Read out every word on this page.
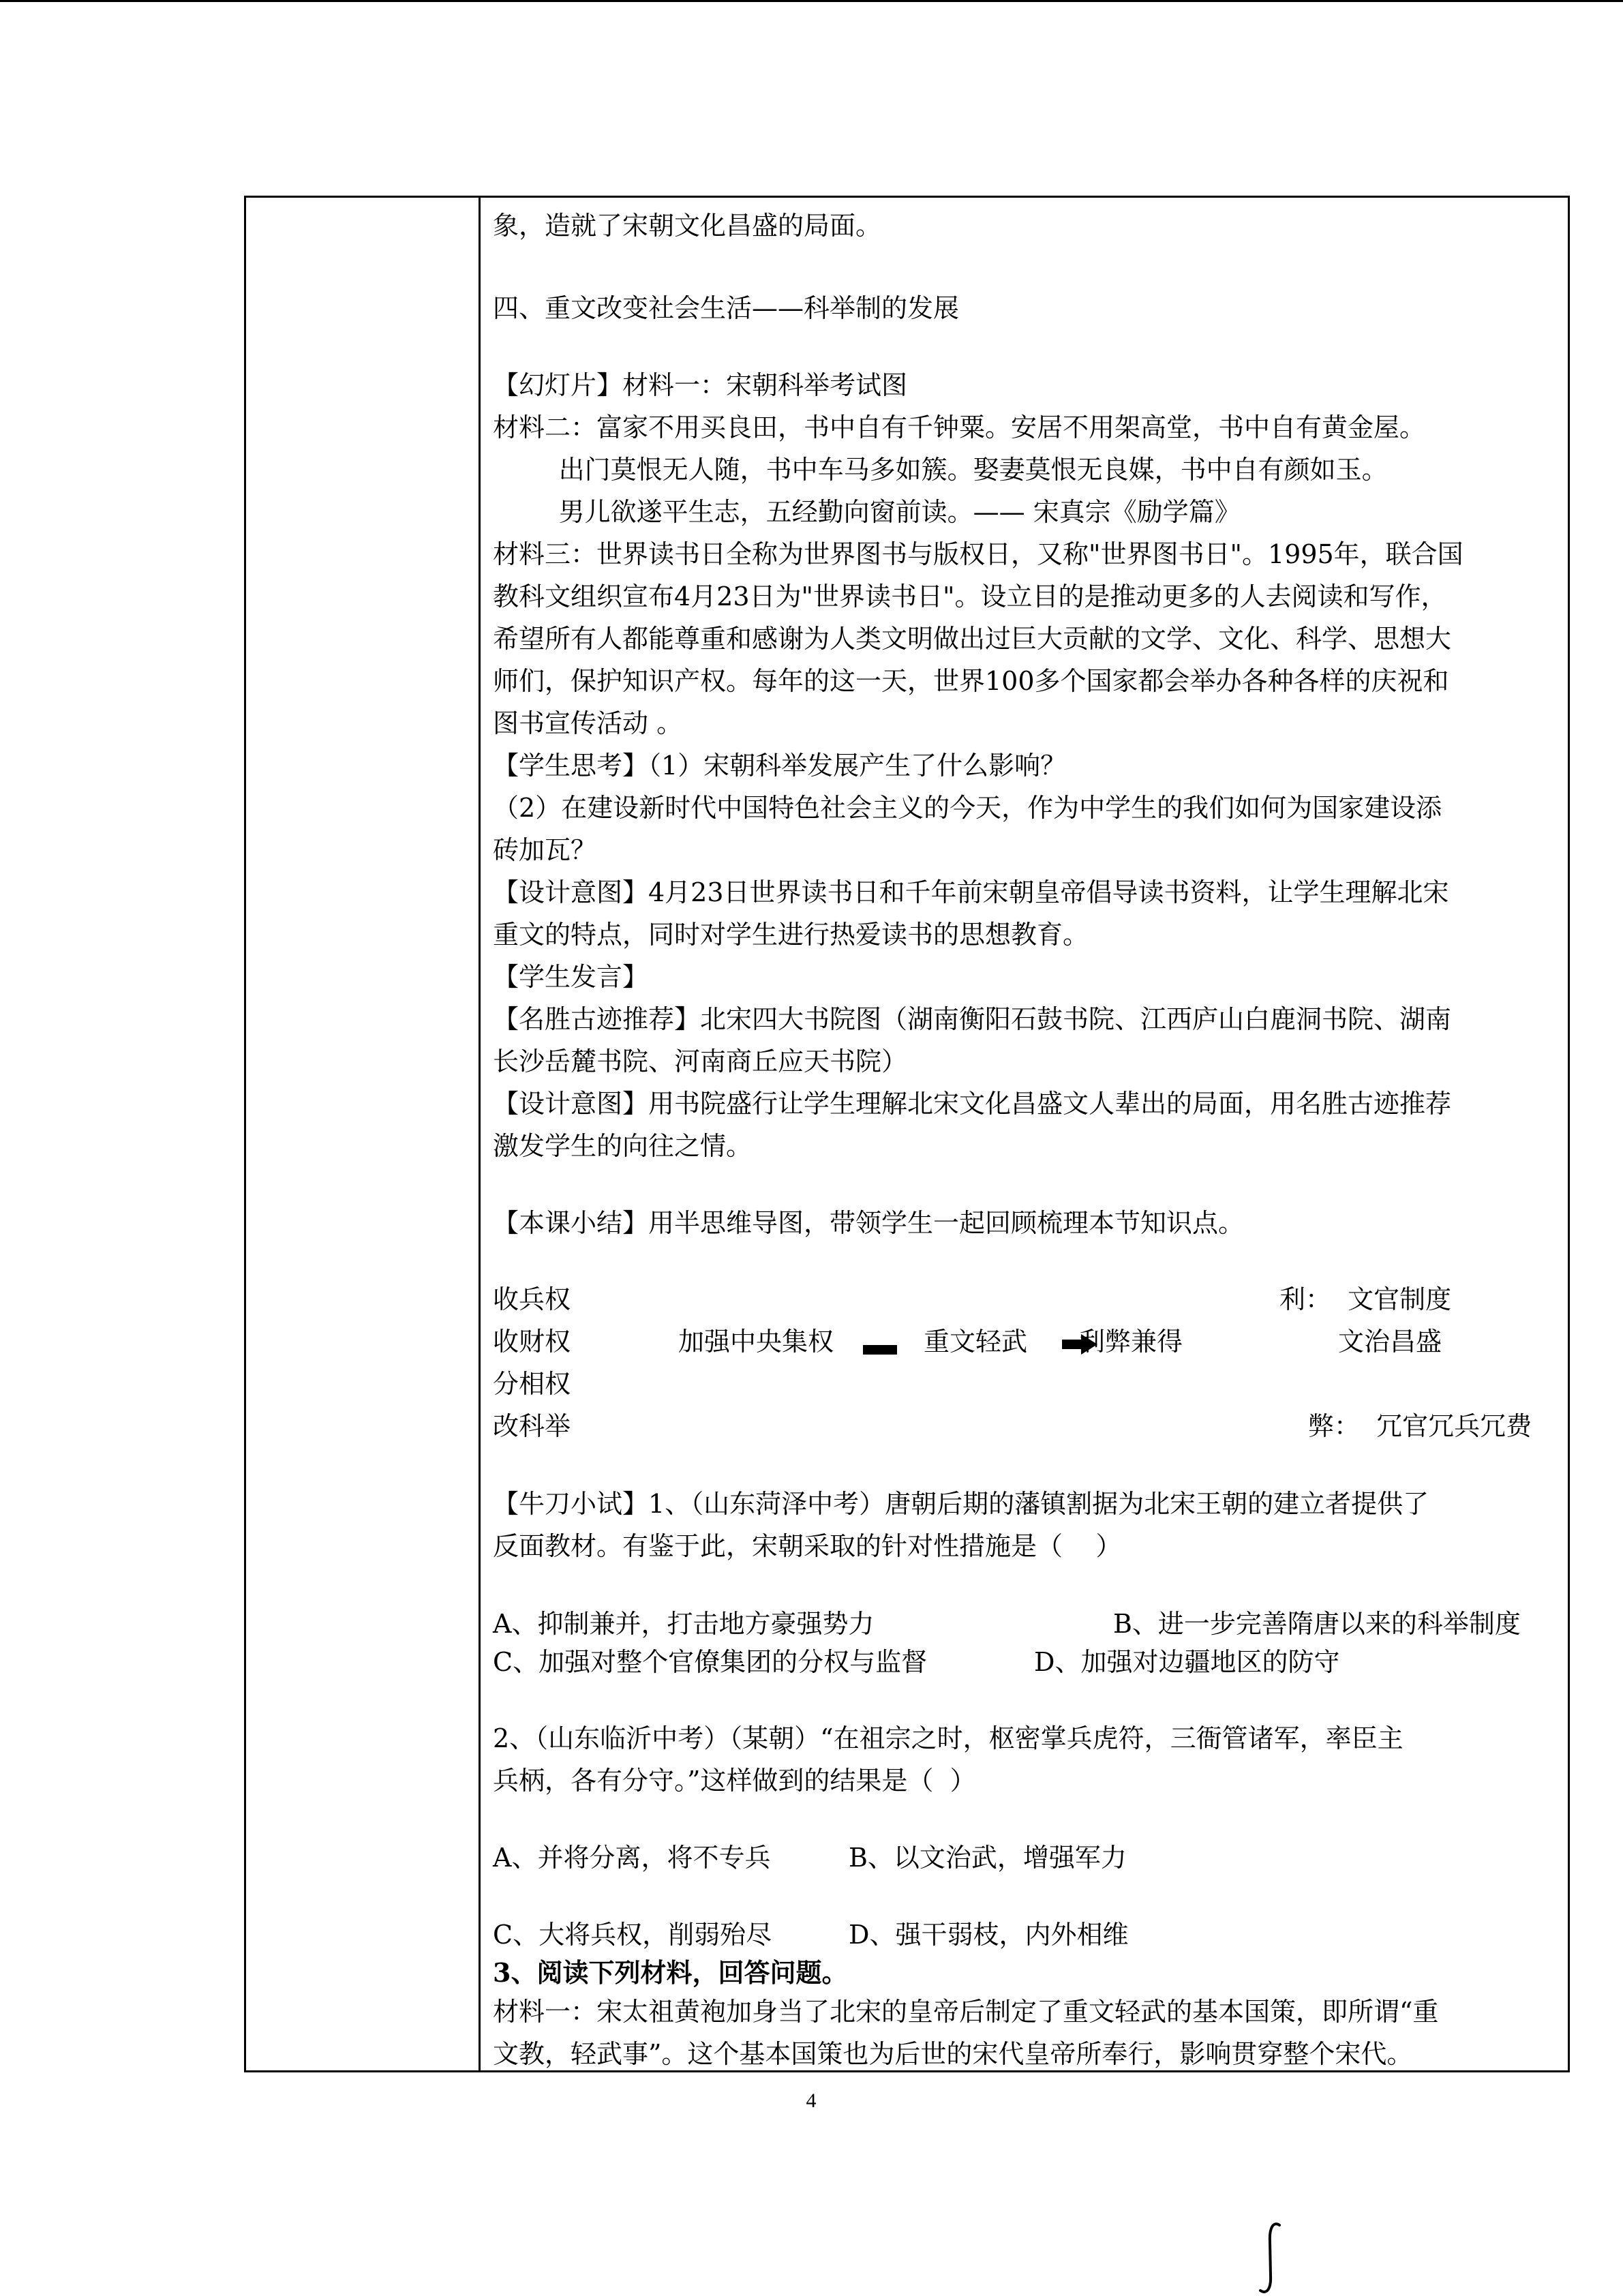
象，造就了宋朝文化昌盛的局面。
四、重文改变社会生活——科举制的发展
【幻灯片】材料一：宋朝科举考试图
材料二：富家不用买良田，书中自有千钟粟。安居不用架高堂，书中自有黄金屋。
出门莫恨无人随，书中车马多如簇。娶妻莫恨无良媒，书中自有颜如玉。
男儿欲遂平生志，五经勤向窗前读。—— 宋真宗《励学篇》
材料三：世界读书日全称为世界图书与版权日，又称"世界图书日"。1995年，联合国
教科文组织宣布4月23日为"世界读书日"。设立目的是推动更多的人去阅读和写作，
希望所有人都能尊重和感谢为人类文明做出过巨大贡献的文学、文化、科学、思想大
师们，保护知识产权。每年的这一天，世界100多个国家都会举办各种各样的庆祝和
图书宣传活动 。
【学生思考】（1）宋朝科举发展产生了什么影响？
（2）在建设新时代中国特色社会主义的今天，作为中学生的我们如何为国家建设添
砖加瓦？
【设计意图】4月23日世界读书日和千年前宋朝皇帝倡导读书资料，让学生理解北宋
重文的特点，同时对学生进行热爱读书的思想教育。
【学生发言】
【名胜古迹推荐】北宋四大书院图（湖南衡阳石鼓书院、江西庐山白鹿洞书院、湖南
长沙岳麓书院、河南商丘应天书院）
【设计意图】用书院盛行让学生理解北宋文化昌盛文人辈出的局面，用名胜古迹推荐
激发学生的向往之情。
【本课小结】用半思维导图，带领学生一起回顾梳理本节知识点。
收兵权
收财权
分相权
改科举
加强中央集权	重文轻武 利弊兼得
利：  文官制度
文治昌盛
弊：  冗官冗兵冗费
【牛刀小试】1、（山东菏泽中考）唐朝后期的藩镇割据为北宋王朝的建立者提供了
反面教材。有鉴于此，宋朝采取的针对性措施是（    ）
A、抑制兼并，打击地方豪强势力	B、进一步完善隋唐以来的科举制度
C、加强对整个官僚集团的分权与监督	D、加强对边疆地区的防守
2、（山东临沂中考）（某朝）“在祖宗之时，枢密掌兵虎符，三衙管诸军，率臣主
兵柄，各有分守。”这样做到的结果是（  ）
A、并将分离，将不专兵	B、以文治武，增强军力
C、大将兵权，削弱殆尽	D、强干弱枝，内外相维
3、阅读下列材料，回答问题。
材料一：宋太祖黄袍加身当了北宋的皇帝后制定了重文轻武的基本国策，即所谓“重
文教，轻武事”。这个基本国策也为后世的宋代皇帝所奉行，影响贯穿整个宋代。
4
